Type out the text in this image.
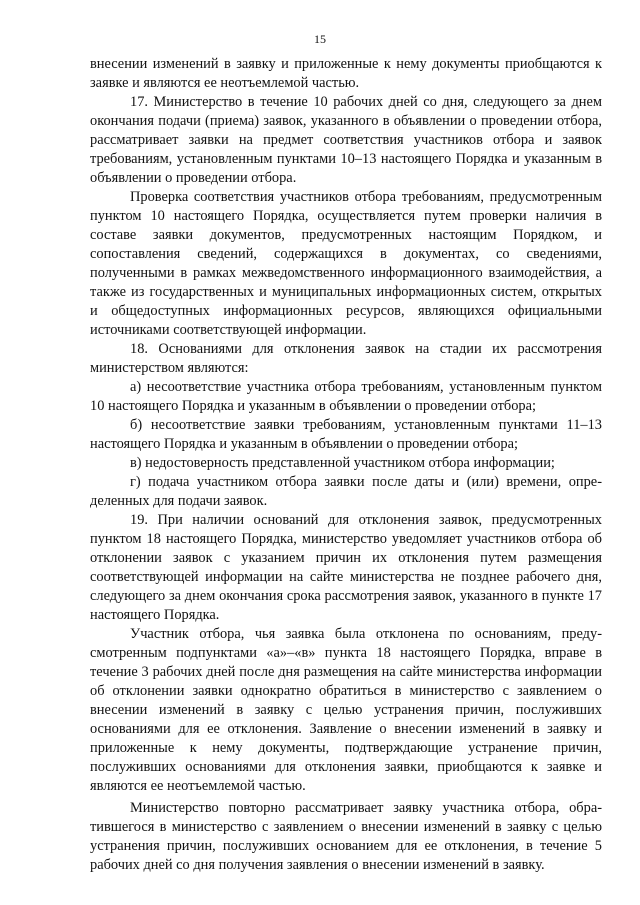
15

внесении изменений в заявку и приложенные к нему документы приобщаются к заявке и являются ее неотъемлемой частью.

17. Министерство в течение 10 рабочих дней со дня, следующего за днем окончания подачи (приема) заявок, указанного в объявлении о проведении отбора, рассматривает заявки на предмет соответствия участников отбора и заявок требованиям, установленным пунктами 10–13 настоящего Порядка и указанным в объявлении о проведении отбора.

Проверка соответствия участников отбора требованиям, предусмотренным пунктом 10 настоящего Порядка, осуществляется путем проверки наличия в составе заявки документов, предусмотренных настоящим Порядком, и сопоставления сведений, содержащихся в документах, со сведениями, полученными в рамках межведомственного информационного взаимодействия, а также из государственных и муниципальных информационных систем, открытых и общедоступных информационных ресурсов, являющихся официальными источниками соответствующей информации.

18. Основаниями для отклонения заявок на стадии их рассмотрения министерством являются:

а) несоответствие участника отбора требованиям, установленным пунктом 10 настоящего Порядка и указанным в объявлении о проведении отбора;

б) несоответствие заявки требованиям, установленным пунктами 11–13 настоящего Порядка и указанным в объявлении о проведении отбора;

в) недостоверность представленной участником отбора информации;

г) подача участником отбора заявки после даты и (или) времени, определенных для подачи заявок.

19. При наличии оснований для отклонения заявок, предусмотренных пунктом 18 настоящего Порядка, министерство уведомляет участников отбора об отклонении заявок с указанием причин их отклонения путем размещения соответствующей информации на сайте министерства не позднее рабочего дня, следующего за днем окончания срока рассмотрения заявок, указанного в пункте 17 настоящего Порядка.

Участник отбора, чья заявка была отклонена по основаниям, предусмотренным подпунктами «а»–«в» пункта 18 настоящего Порядка, вправе в течение 3 рабочих дней после дня размещения на сайте министерства информации об отклонении заявки однократно обратиться в министерство с заявлением о внесении изменений в заявку с целью устранения причин, послуживших основаниями для ее отклонения. Заявление о внесении изменений в заявку и приложенные к нему документы, подтверждающие устранение причин, послуживших основаниями для отклонения заявки, приобщаются к заявке и являются ее неотъемлемой частью.

Министерство повторно рассматривает заявку участника отбора, обратившегося в министерство с заявлением о внесении изменений в заявку с целью устранения причин, послуживших основанием для ее отклонения, в течение 5 рабочих дней со дня получения заявления о внесении изменений в заявку.
